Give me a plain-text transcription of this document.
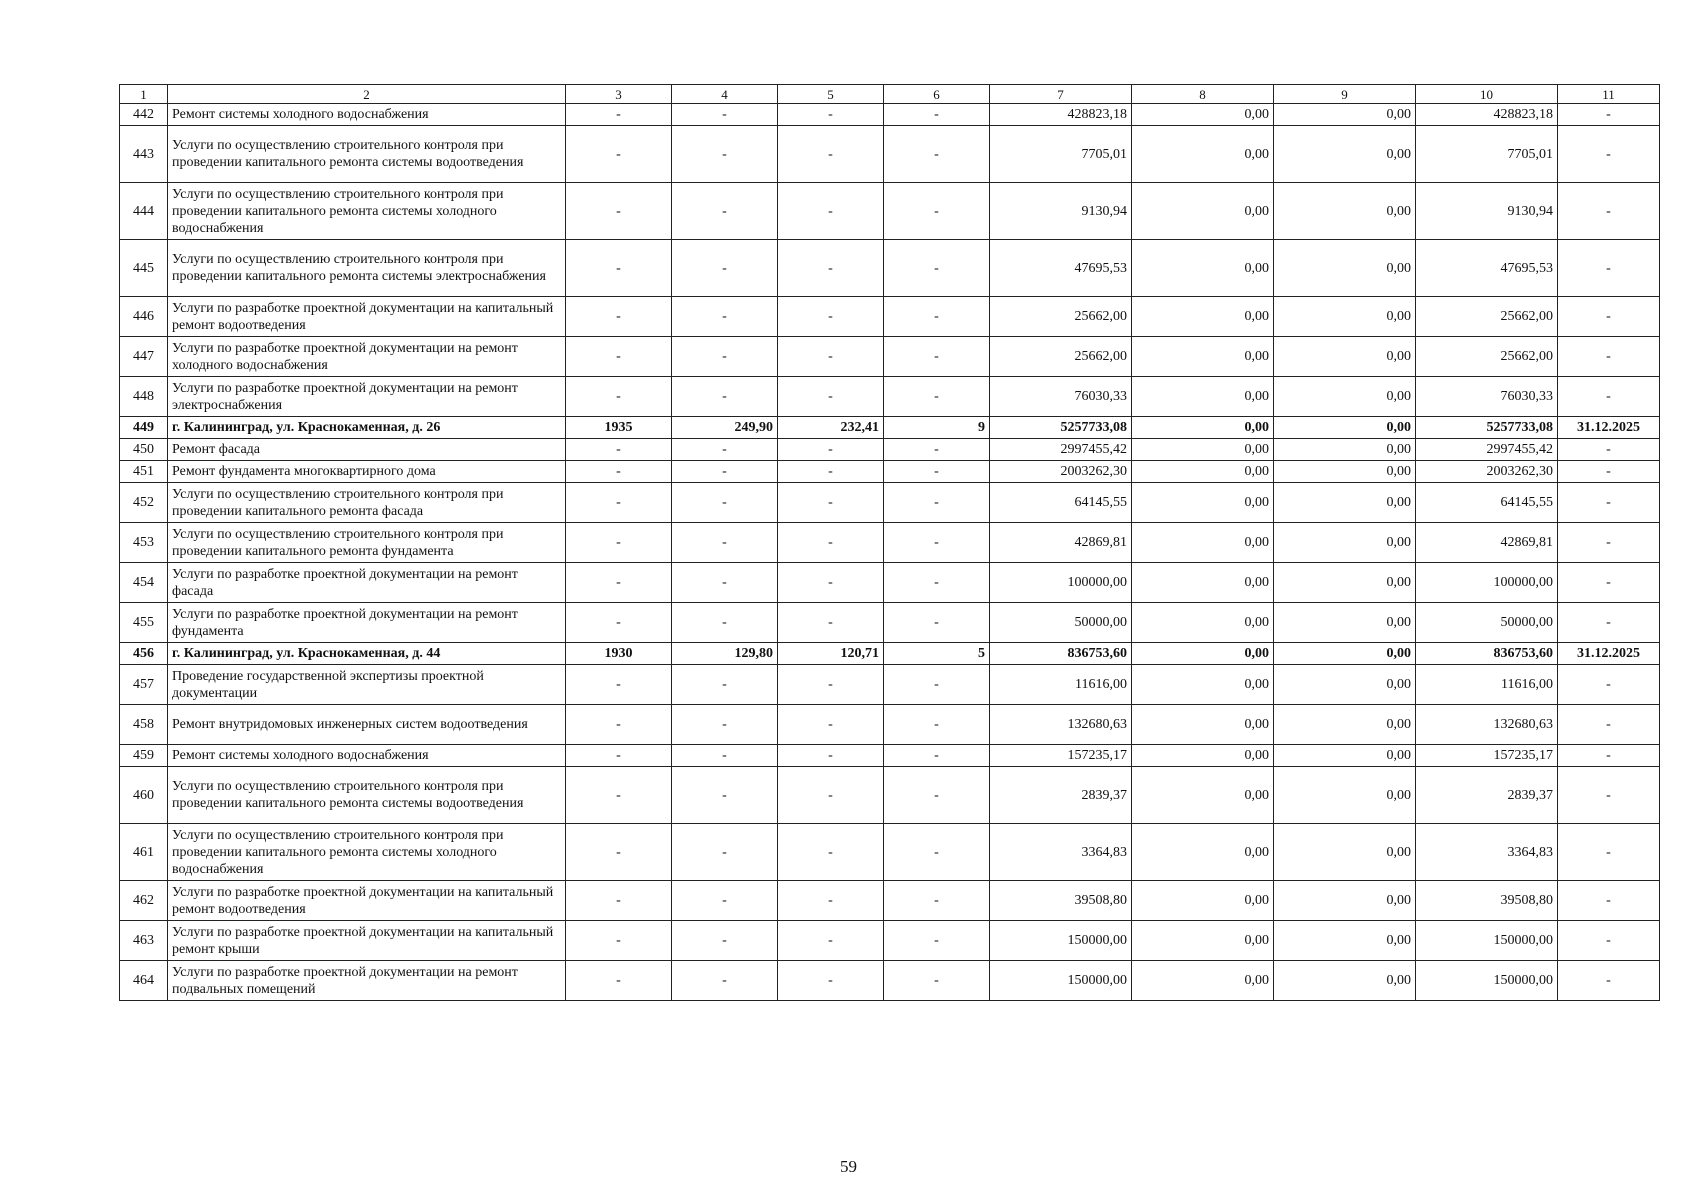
1	2	3	4	5	6	7	8	9	10	11
442	Ремонт системы холодного водоснабжения	-	-	-	-	428823,18	0,00	0,00	428823,18	-
443	Услуги по осуществлению строительного контроля при проведении капитального ремонта системы водоотведения	-	-	-	-	7705,01	0,00	0,00	7705,01	-
444	Услуги по осуществлению строительного контроля при проведении капитального ремонта системы холодного водоснабжения	-	-	-	-	9130,94	0,00	0,00	9130,94	-
445	Услуги по осуществлению строительного контроля при проведении капитального ремонта системы электроснабжения	-	-	-	-	47695,53	0,00	0,00	47695,53	-
446	Услуги по разработке проектной документации на капитальный ремонт водоотведения	-	-	-	-	25662,00	0,00	0,00	25662,00	-
447	Услуги по разработке проектной документации на ремонт холодного водоснабжения	-	-	-	-	25662,00	0,00	0,00	25662,00	-
448	Услуги по разработке проектной документации на ремонт электроснабжения	-	-	-	-	76030,33	0,00	0,00	76030,33	-
449	г. Калининград, ул. Краснокаменная, д. 26	1935	249,90	232,41	9	5257733,08	0,00	0,00	5257733,08	31.12.2025
450	Ремонт фасада	-	-	-	-	2997455,42	0,00	0,00	2997455,42	-
451	Ремонт фундамента многоквартирного дома	-	-	-	-	2003262,30	0,00	0,00	2003262,30	-
452	Услуги по осуществлению строительного контроля при проведении капитального ремонта фасада	-	-	-	-	64145,55	0,00	0,00	64145,55	-
453	Услуги по осуществлению строительного контроля при проведении капитального ремонта фундамента	-	-	-	-	42869,81	0,00	0,00	42869,81	-
454	Услуги по разработке проектной документации на ремонт фасада	-	-	-	-	100000,00	0,00	0,00	100000,00	-
455	Услуги по разработке проектной документации на ремонт фундамента	-	-	-	-	50000,00	0,00	0,00	50000,00	-
456	г. Калининград, ул. Краснокаменная, д. 44	1930	129,80	120,71	5	836753,60	0,00	0,00	836753,60	31.12.2025
457	Проведение государственной экспертизы проектной документации	-	-	-	-	11616,00	0,00	0,00	11616,00	-
458	Ремонт внутридомовых инженерных систем водоотведения	-	-	-	-	132680,63	0,00	0,00	132680,63	-
459	Ремонт системы холодного водоснабжения	-	-	-	-	157235,17	0,00	0,00	157235,17	-
460	Услуги по осуществлению строительного контроля при проведении капитального ремонта системы водоотведения	-	-	-	-	2839,37	0,00	0,00	2839,37	-
461	Услуги по осуществлению строительного контроля при проведении капитального ремонта системы холодного водоснабжения	-	-	-	-	3364,83	0,00	0,00	3364,83	-
462	Услуги по разработке проектной документации на капитальный ремонт водоотведения	-	-	-	-	39508,80	0,00	0,00	39508,80	-
463	Услуги по разработке проектной документации на капитальный ремонт крыши	-	-	-	-	150000,00	0,00	0,00	150000,00	-
464	Услуги по разработке проектной документации на ремонт подвальных помещений	-	-	-	-	150000,00	0,00	0,00	150000,00	-
59
